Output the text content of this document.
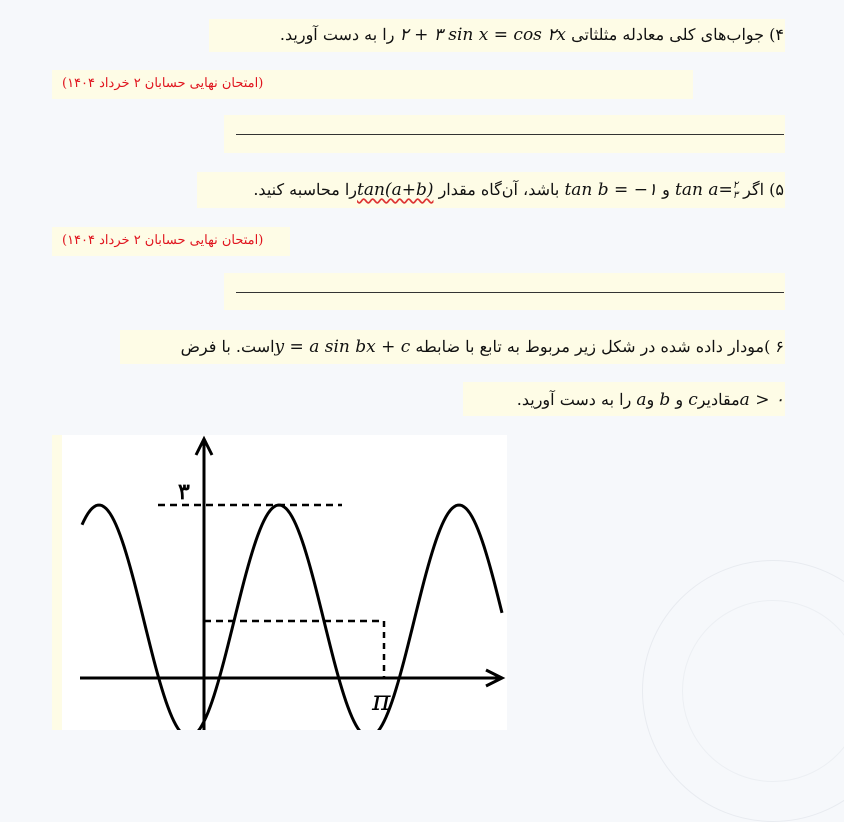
۴) جواب‌های کلی معادله مثلثاتی ۲ + ۳ sin x = cos ۲x را به دست آورید.
(امتحان نهایی حسابان ۲ خرداد ۱۴۰۴)
۵) اگر tan a=۲
۳ و tan b = −۱ باشد، آن‌گاه مقدار tan(a+b)را محاسبه کنید.
(امتحان نهایی حسابان ۲ خرداد ۱۴۰۴)
۶ )مودار داده شده در شکل زیر مربوط به تابع با ضابطه y = a sin bx + cاست. با فرض
a > ۰مقادیرc و b وa را به دست آورید.
۳
π
